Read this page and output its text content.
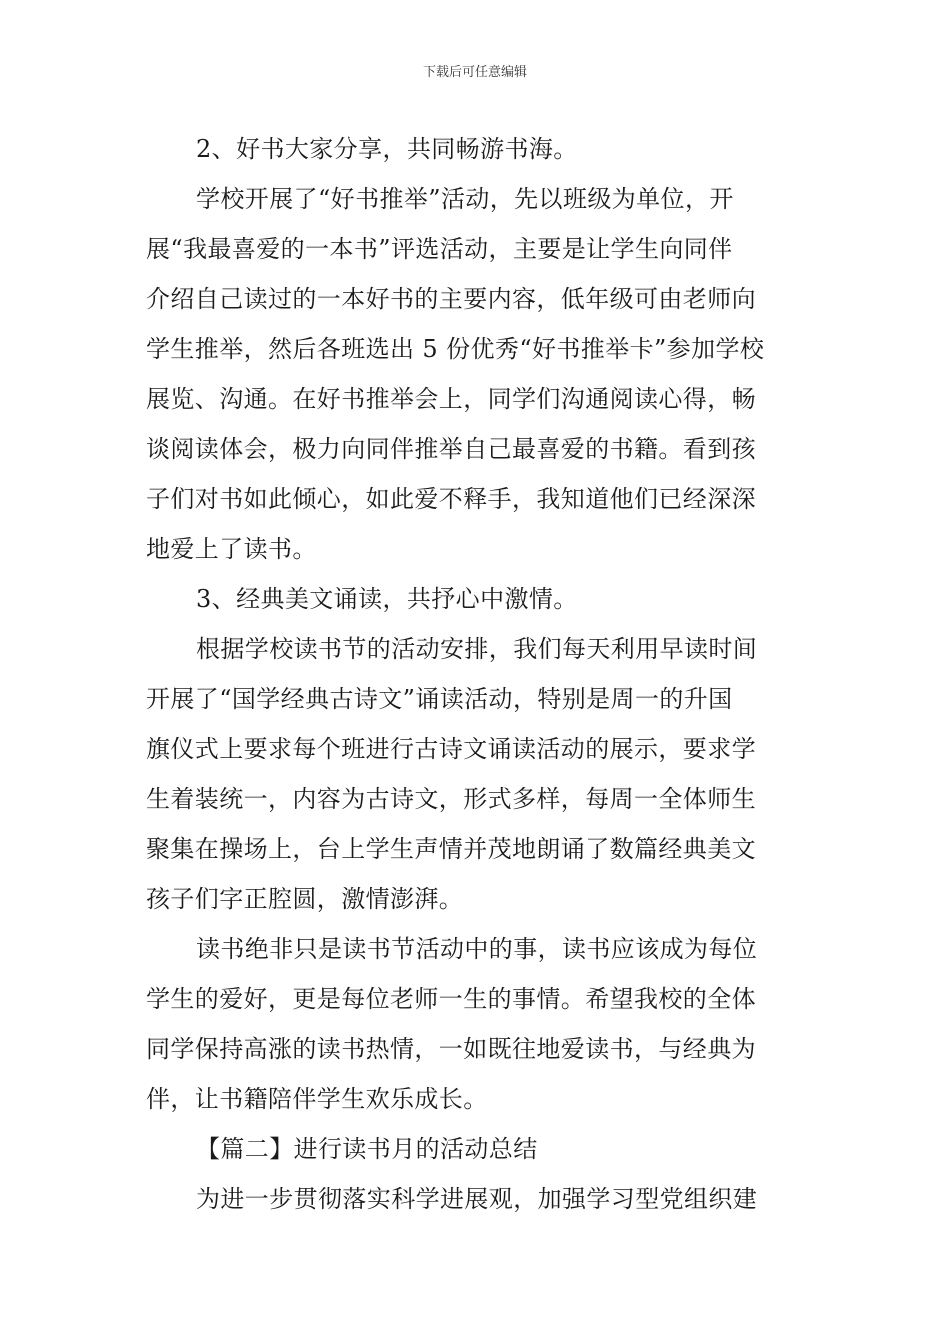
下载后可任意编辑
2、好书大家分享，共同畅游书海。
学校开展了“好书推举”活动，先以班级为单位，开
展“我最喜爱的一本书”评选活动，主要是让学生向同伴
介绍自己读过的一本好书的主要内容，低年级可由老师向
学生推举，然后各班选出 5 份优秀“好书推举卡”参加学校
展览、沟通。在好书推举会上，同学们沟通阅读心得，畅
谈阅读体会，极力向同伴推举自己最喜爱的书籍。看到孩
子们对书如此倾心，如此爱不释手，我知道他们已经深深
地爱上了读书。
3、经典美文诵读，共抒心中激情。
根据学校读书节的活动安排，我们每天利用早读时间
开展了“国学经典古诗文”诵读活动，特别是周一的升国
旗仪式上要求每个班进行古诗文诵读活动的展示，要求学
生着装统一，内容为古诗文，形式多样，每周一全体师生
聚集在操场上，台上学生声情并茂地朗诵了数篇经典美文
孩子们字正腔圆，激情澎湃。
读书绝非只是读书节活动中的事，读书应该成为每位
学生的爱好，更是每位老师一生的事情。希望我校的全体
同学保持高涨的读书热情，一如既往地爱读书，与经典为
伴，让书籍陪伴学生欢乐成长。
【篇二】进行读书月的活动总结
为进一步贯彻落实科学进展观，加强学习型党组织建
